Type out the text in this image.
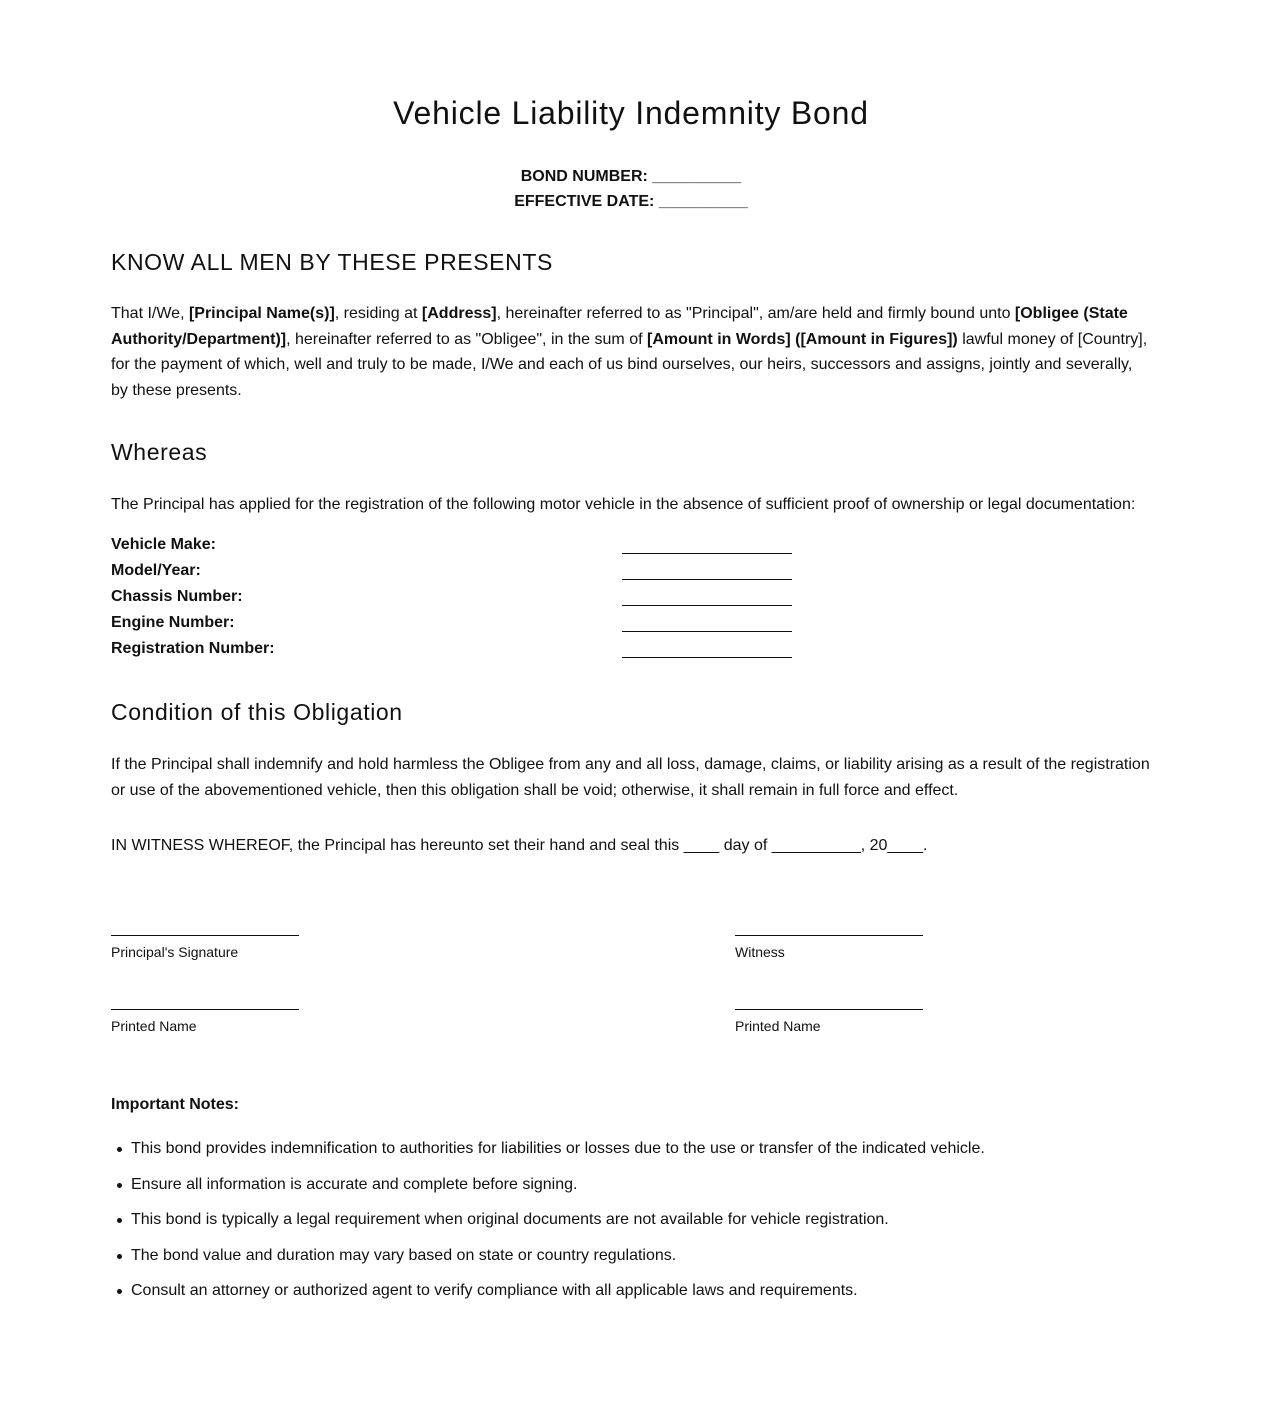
Vehicle Liability Indemnity Bond
BOND NUMBER: __________
EFFECTIVE DATE: __________
KNOW ALL MEN BY THESE PRESENTS

That I/We, [Principal Name(s)], residing at [Address], hereinafter referred to as "Principal", am/are held and firmly bound unto [Obligee (State Authority/Department)], hereinafter referred to as "Obligee", in the sum of [Amount in Words] ([Amount in Figures]) lawful money of [Country], for the payment of which, well and truly to be made, I/We and each of us bind ourselves, our heirs, successors and assigns, jointly and severally, by these presents.

Whereas

The Principal has applied for the registration of the following motor vehicle in the absence of sufficient proof of ownership or legal documentation:

Vehicle Make:
Model/Year:
Chassis Number:
Engine Number:
Registration Number:
Condition of this Obligation

If the Principal shall indemnify and hold harmless the Obligee from any and all loss, damage, claims, or liability arising as a result of the registration or use of the abovementioned vehicle, then this obligation shall be void; otherwise, it shall remain in full force and effect.

IN WITNESS WHEREOF, the Principal has hereunto set their hand and seal this ____ day of __________, 20____.

Principal's Signature	Witness
Printed Name	Printed Name
Important Notes:
This bond provides indemnification to authorities for liabilities or losses due to the use or transfer of the indicated vehicle.
Ensure all information is accurate and complete before signing.
This bond is typically a legal requirement when original documents are not available for vehicle registration.
The bond value and duration may vary based on state or country regulations.
Consult an attorney or authorized agent to verify compliance with all applicable laws and requirements.
